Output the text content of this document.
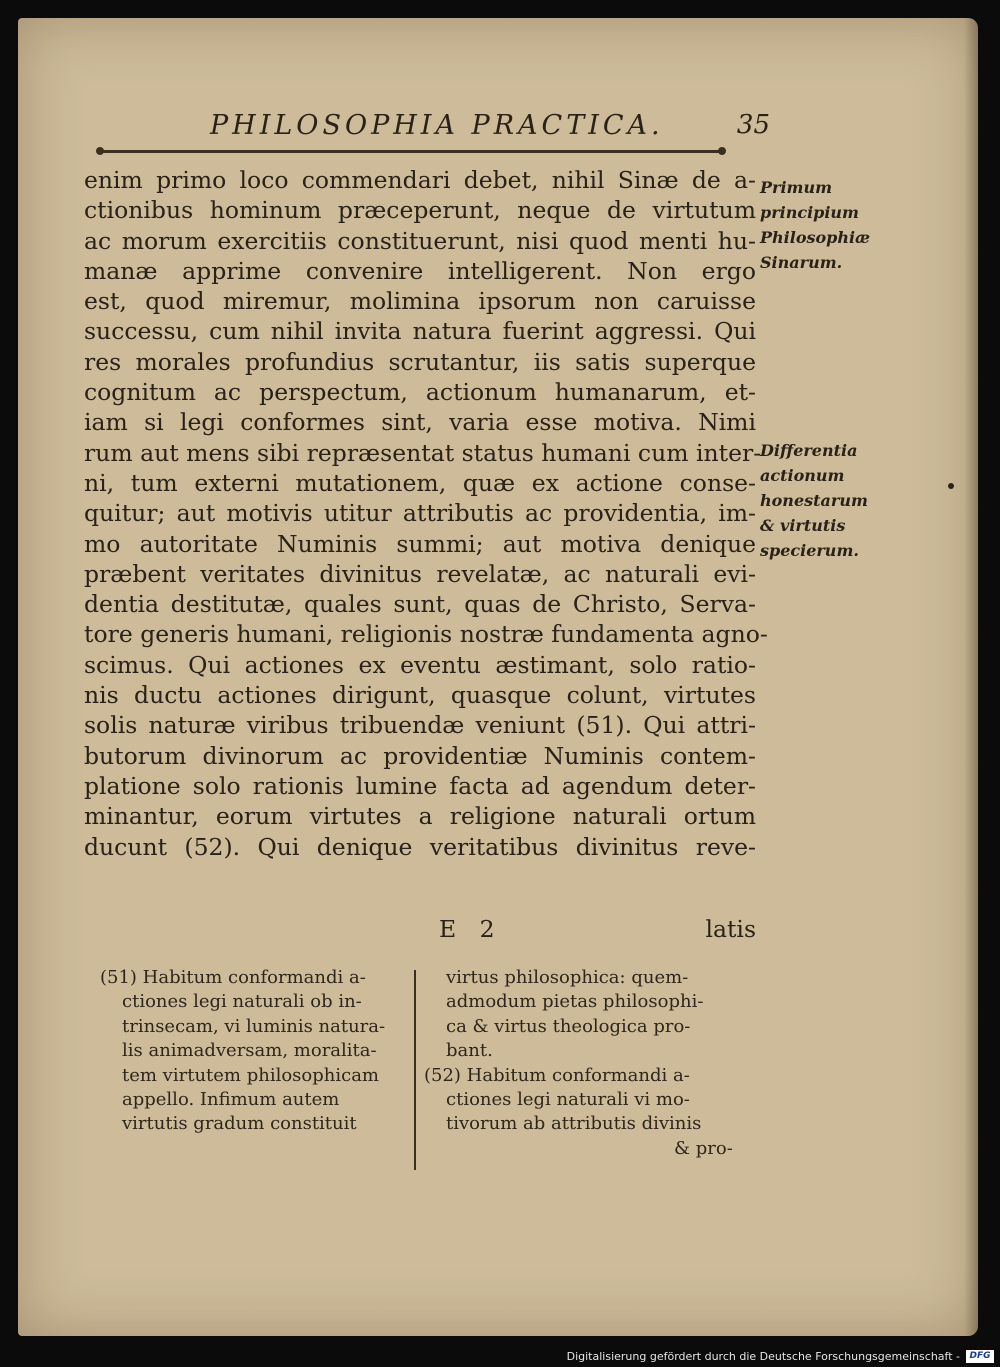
PHILOSOPHIA PRACTICA.	35
enim primo loco commendari debet, nihil Sinæ de a-
ctionibus hominum præceperunt, neque de virtutum
ac morum exercitiis constituerunt, nisi quod menti hu-
manæ apprime convenire intelligerent. Non ergo
est, quod miremur, molimina ipsorum non caruisse
successu, cum nihil invita natura fuerint aggressi. Qui
res morales profundius scrutantur, iis satis superque
cognitum ac perspectum, actionum humanarum, et-
iam si legi conformes sint, varia esse motiva. Nimi
rum aut mens sibi repræsentat status humani cum inter-
ni, tum externi mutationem, quæ ex actione conse-
quitur; aut motivis utitur attributis ac providentia, im-
mo autoritate Numinis summi; aut motiva denique
præbent veritates divinitus revelatæ, ac naturali evi-
dentia destitutæ, quales sunt, quas de Christo, Serva-
tore generis humani, religionis nostræ fundamenta agno-
scimus. Qui actiones ex eventu æstimant, solo ratio-
nis ductu actiones dirigunt, quasque colunt, virtutes
solis naturæ viribus tribuendæ veniunt (51). Qui attri-
butorum divinorum ac providentiæ Numinis contem-
platione solo rationis lumine facta ad agendum deter-
minantur, eorum virtutes a religione naturali ortum
ducunt (52). Qui denique veritatibus divinitus reve-
E 2	latis
Primum
principium
Philosophiæ
Sinarum.
Differentia
actionum
honestarum
& virtutis
specierum.
(51) Habitum conformandi a-
ctiones legi naturali ob in-
trinsecam, vi luminis natura-
lis animadversam, moralita-
tem virtutem philosophicam
appello. Infimum autem
virtutis gradum constituit
virtus philosophica: quem-
admodum pietas philosophi-
ca & virtus theologica pro-
bant.
(52) Habitum conformandi a-
ctiones legi naturali vi mo-
tivorum ab attributis divinis
& pro-
Digitalisierung gefördert durch die Deutsche Forschungsgemeinschaft -	DFG
